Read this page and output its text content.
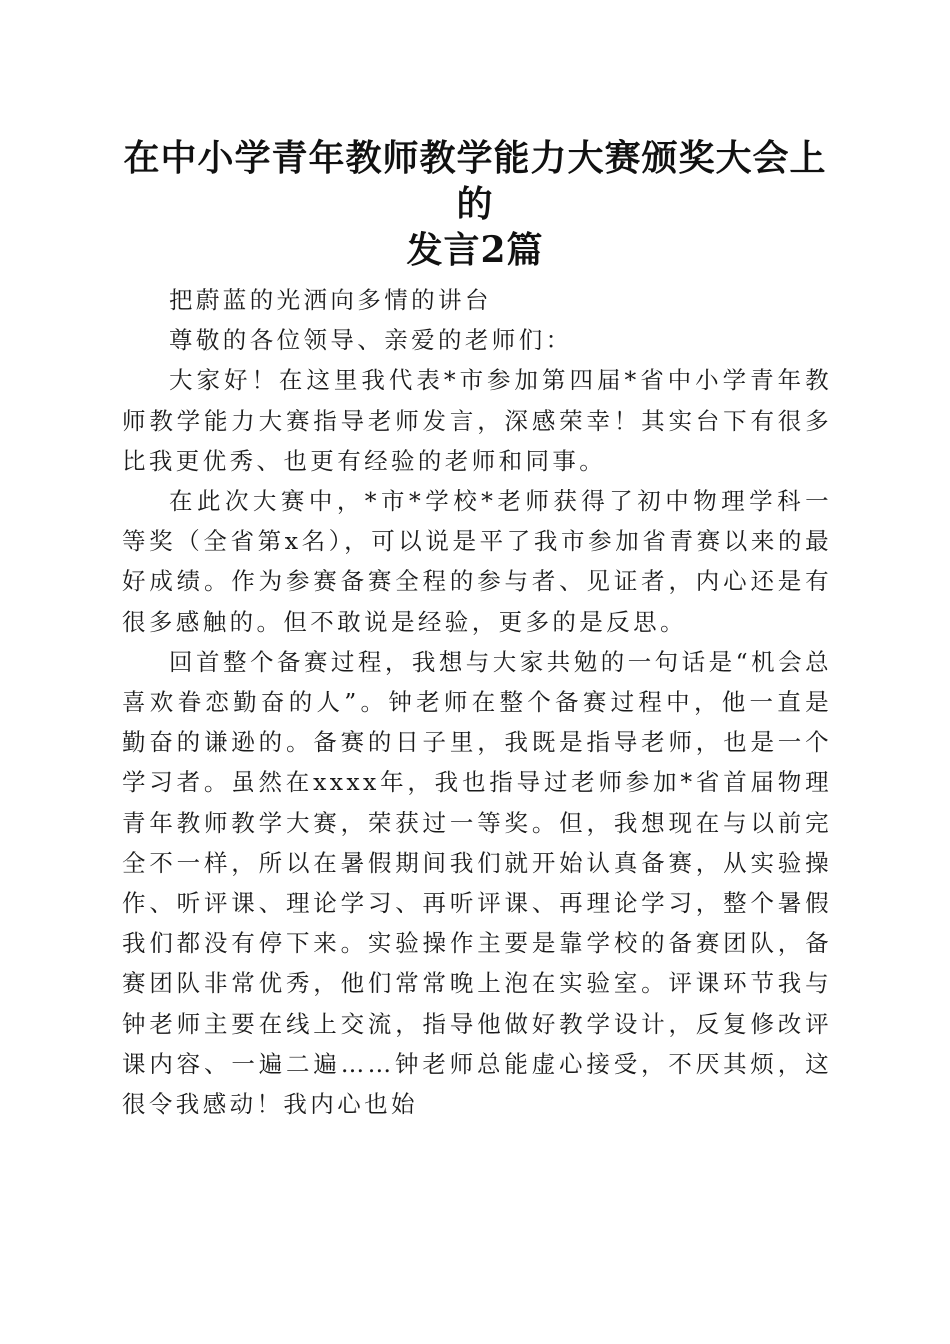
在中小学青年教师教学能力大赛颁奖大会上的
发言2篇

把蔚蓝的光洒向多情的讲台

尊敬的各位领导、亲爱的老师们：

大家好！在这里我代表*市参加第四届*省中小学青年教师教学能力大赛指导老师发言，深感荣幸！其实台下有很多比我更优秀、也更有经验的老师和同事。

在此次大赛中，*市*学校*老师获得了初中物理学科一等奖（全省第x名），可以说是平了我市参加省青赛以来的最好成绩。作为参赛备赛全程的参与者、见证者，内心还是有很多感触的。但不敢说是经验，更多的是反思。

回首整个备赛过程，我想与大家共勉的一句话是“机会总喜欢眷恋勤奋的人”。钟老师在整个备赛过程中，他一直是勤奋的谦逊的。备赛的日子里，我既是指导老师，也是一个学习者。虽然在xxxx年，我也指导过老师参加*省首届物理青年教师教学大赛，荣获过一等奖。但，我想现在与以前完全不一样，所以在暑假期间我们就开始认真备赛，从实验操作、听评课、理论学习、再听评课、再理论学习，整个暑假我们都没有停下来。实验操作主要是靠学校的备赛团队，备赛团队非常优秀，他们常常晚上泡在实验室。评课环节我与钟老师主要在线上交流，指导他做好教学设计，反复修改评课内容、一遍二遍……钟老师总能虚心接受，不厌其烦，这很令我感动！我内心也始
